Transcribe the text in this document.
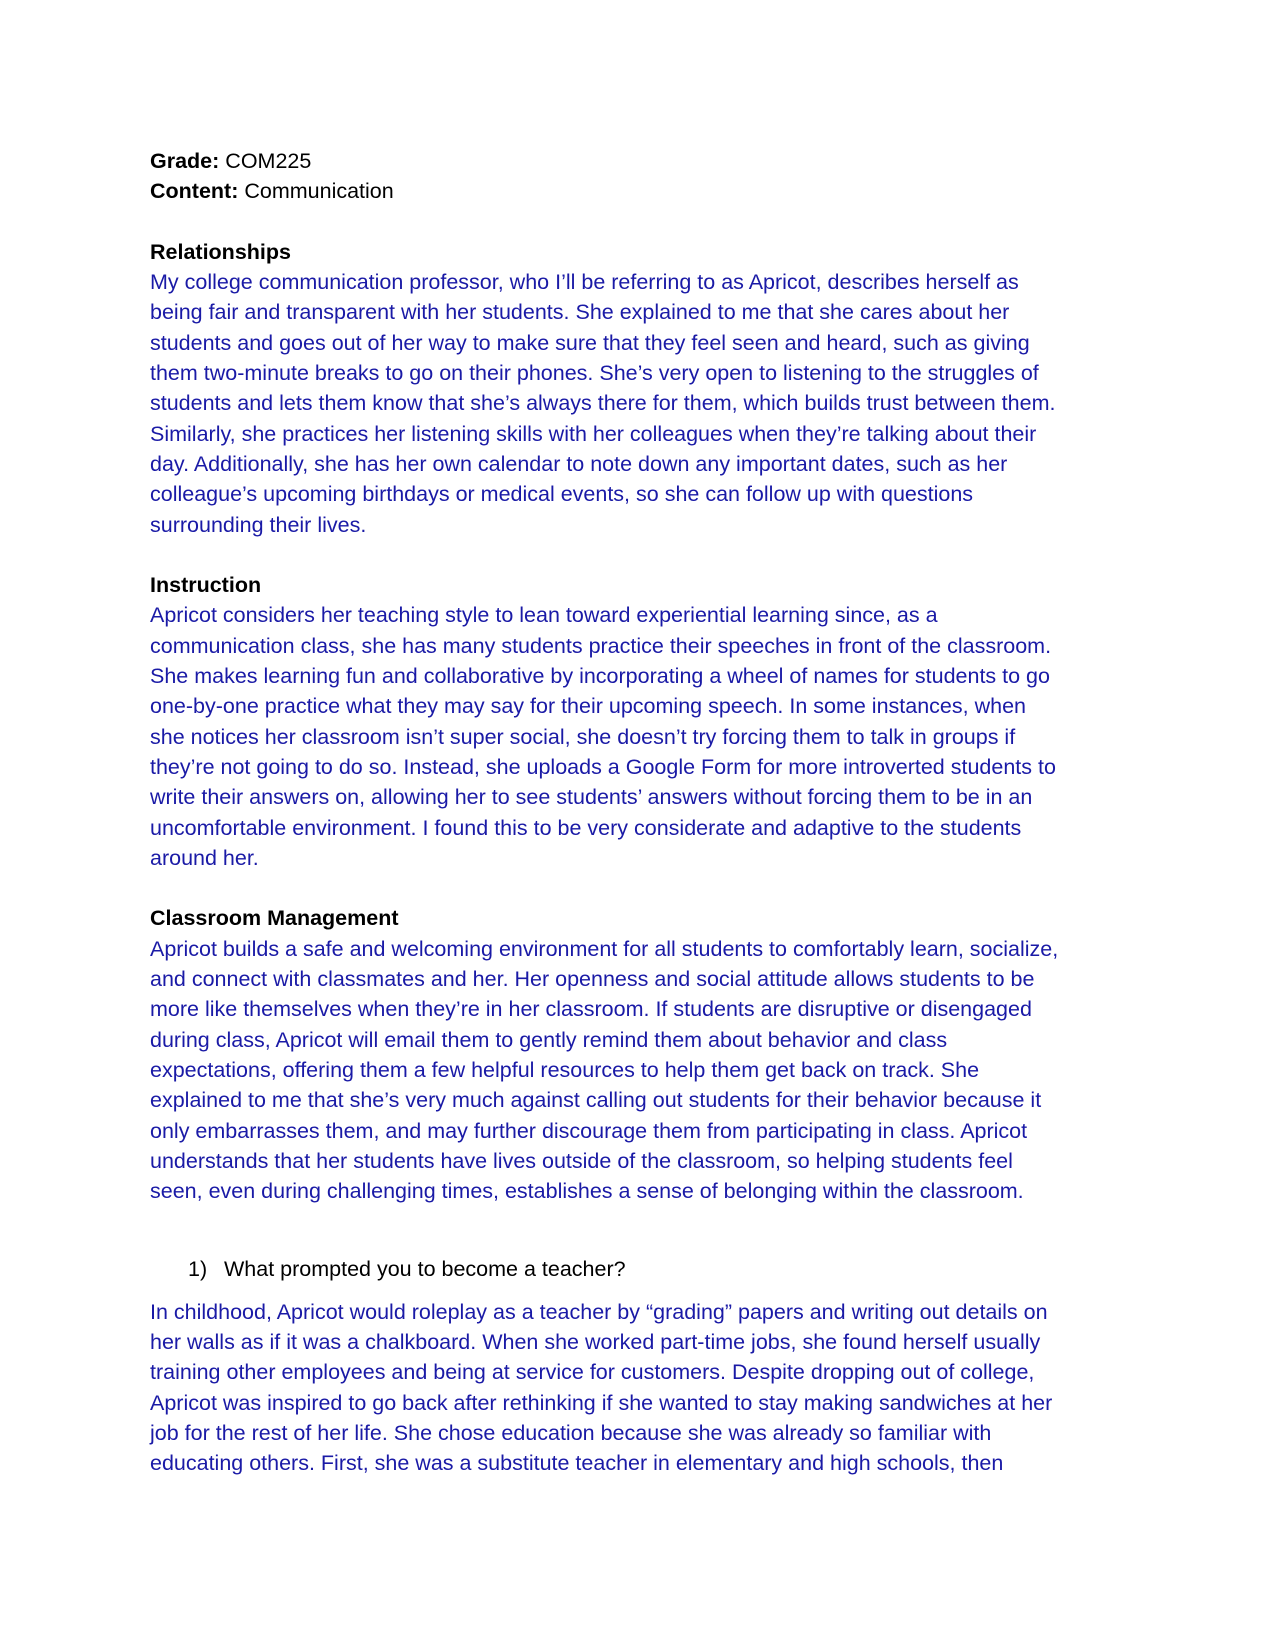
Grade: COM225
Content: Communication
Relationships
My college communication professor, who I’ll be referring to as Apricot, describes herself as
being fair and transparent with her students. She explained to me that she cares about her
students and goes out of her way to make sure that they feel seen and heard, such as giving
them two-minute breaks to go on their phones. She’s very open to listening to the struggles of
students and lets them know that she’s always there for them, which builds trust between them.
Similarly, she practices her listening skills with her colleagues when they’re talking about their
day. Additionally, she has her own calendar to note down any important dates, such as her
colleague’s upcoming birthdays or medical events, so she can follow up with questions
surrounding their lives.
Instruction
Apricot considers her teaching style to lean toward experiential learning since, as a
communication class, she has many students practice their speeches in front of the classroom.
She makes learning fun and collaborative by incorporating a wheel of names for students to go
one-by-one practice what they may say for their upcoming speech. In some instances, when
she notices her classroom isn’t super social, she doesn’t try forcing them to talk in groups if
they’re not going to do so. Instead, she uploads a Google Form for more introverted students to
write their answers on, allowing her to see students’ answers without forcing them to be in an
uncomfortable environment. I found this to be very considerate and adaptive to the students
around her.
Classroom Management
Apricot builds a safe and welcoming environment for all students to comfortably learn, socialize,
and connect with classmates and her. Her openness and social attitude allows students to be
more like themselves when they’re in her classroom. If students are disruptive or disengaged
during class, Apricot will email them to gently remind them about behavior and class
expectations, offering them a few helpful resources to help them get back on track. She
explained to me that she’s very much against calling out students for their behavior because it
only embarrasses them, and may further discourage them from participating in class. Apricot
understands that her students have lives outside of the classroom, so helping students feel
seen, even during challenging times, establishes a sense of belonging within the classroom.
1) What prompted you to become a teacher?
In childhood, Apricot would roleplay as a teacher by “grading” papers and writing out details on
her walls as if it was a chalkboard. When she worked part-time jobs, she found herself usually
training other employees and being at service for customers. Despite dropping out of college,
Apricot was inspired to go back after rethinking if she wanted to stay making sandwiches at her
job for the rest of her life. She chose education because she was already so familiar with
educating others. First, she was a substitute teacher in elementary and high schools, then
